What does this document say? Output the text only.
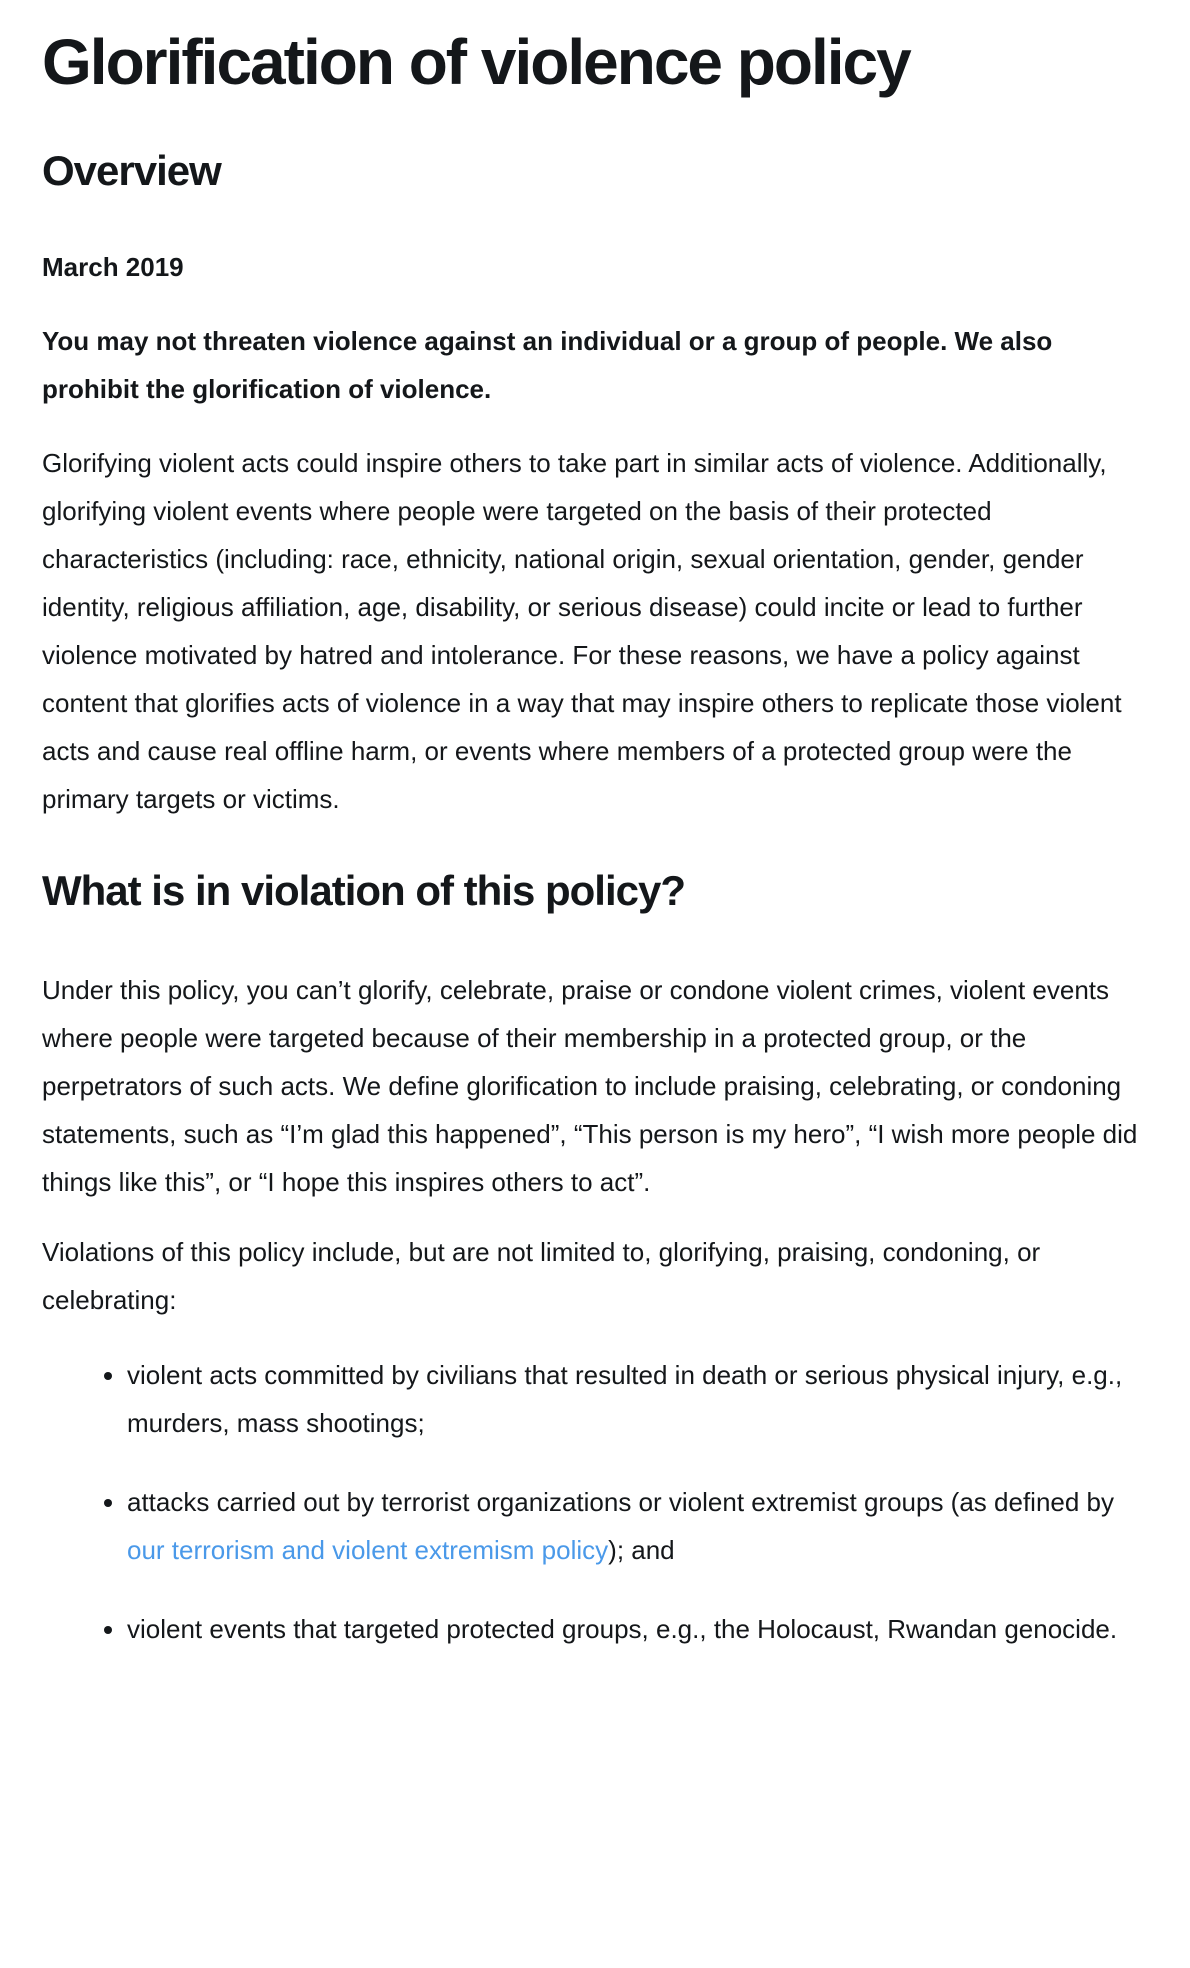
Glorification of violence policy
Overview

March 2019

You may not threaten violence against an individual or a group of people. We also prohibit the glorification of violence.

Glorifying violent acts could inspire others to take part in similar acts of violence. Additionally, glorifying violent events where people were targeted on the basis of their protected characteristics (including: race, ethnicity, national origin, sexual orientation, gender, gender identity, religious affiliation, age, disability, or serious disease) could incite or lead to further violence motivated by hatred and intolerance. For these reasons, we have a policy against content that glorifies acts of violence in a way that may inspire others to replicate those violent acts and cause real offline harm, or events where members of a protected group were the primary targets or victims.

What is in violation of this policy?

Under this policy, you can’t glorify, celebrate, praise or condone violent crimes, violent events where people were targeted because of their membership in a protected group, or the perpetrators of such acts. We define glorification to include praising, celebrating, or condoning statements, such as “I’m glad this happened”, “This person is my hero”, “I wish more people did things like this”, or “I hope this inspires others to act”.

Violations of this policy include, but are not limited to, glorifying, praising, condoning, or celebrating:

• violent acts committed by civilians that resulted in death or serious physical injury, e.g., murders, mass shootings;
• attacks carried out by terrorist organizations or violent extremist groups (as defined by our terrorism and violent extremism policy); and
• violent events that targeted protected groups, e.g., the Holocaust, Rwandan genocide.
